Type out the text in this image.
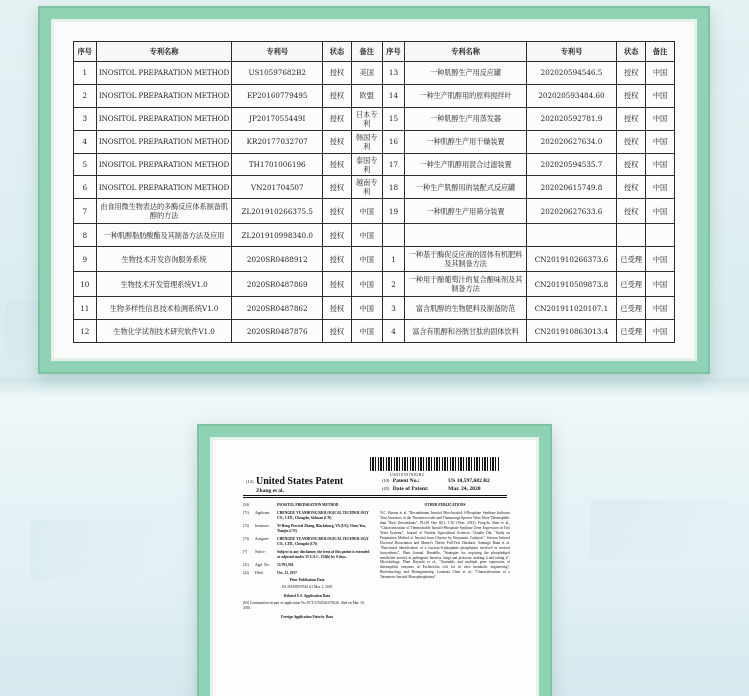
序号	专利名称	专利号	状态	备注	序号	专利名称	专利号	状态	备注
1	INOSITOL PREPARATION METHOD	US10597682B2	授权	美国	13	一种肌醇生产用反应罐	202020594546.5	授权	中国
2	INOSITOL PREPARATION METHOD	EP20160779495	授权	欧盟	14	一种生产肌醇用的原料搅拌叶	202020593484.60	授权	中国
3	INOSITOL PREPARATION METHOD	JP2017055449I	授权	日本专利	15	一种肌醇生产用蒸发器	202020592781.9	授权	中国
4	INOSITOL PREPARATION METHOD	KR20177032707	授权	韩国专利	16	一种肌醇生产用干燥装置	202020627634.0	授权	中国
5	INOSITOL PREPARATION METHOD	TH1701006196	授权	泰国专利	17	一种生产肌醇用混合过滤装置	202020594535.7	授权	中国
6	INOSITOL PREPARATION METHOD	VN201704507	授权	越南专利	18	一种生产肌醇用的装配式反应罐	202020615749.8	授权	中国
7	由食用微生物表达的多酶反应体系制备肌醇的方法	ZL201910266375.5	授权	中国	19	一种肌醇生产用筛分装置	202020627633.6	授权	中国
8	一种肌醇脂肪酸酯及其制备方法及应用	ZL201910998340.0	授权	中国					
9	生物技术开发咨询服务系统	2020SR0488912	授权	中国	1	一种基于酶促反应液的固体有机肥料及其制备方法	CN201910266373.6	已受理	中国
10	生物技术开发管理系统V1.0	2020SR0487869	授权	中国	2	一种用于酿葡萄汁的复合酿味剂及其制备方法	CN201910509873.8	已受理	中国
11	生物多样性信息技术检测系统V1.0	2020SR0487862	授权	中国	3	富含肌醇的生物肥料及制备防范	CN201911020107.1	已受理	中国
12	生物化学试剂技术研究软件V1.0	2020SR0487876	授权	中国	4	富含有肌醇和谷胱甘肽的固体饮料	CN201910863013.4	已受理	中国
US010597682B2
(12) United States Patent
Zhang et al.
(10) Patent No.:	US 10,597,682 B2
(45) Date of Patent:	Mar. 24, 2020
(54)	INOSITOL PREPARATION METHOD
(71)	Applicant:	CHENGDU YUANHONG BIOLOGICAL TECHNOLOGY CO., LTD., Chengdu, Sichuan (CN)
(72)	Inventors:	Yi-Heng Percival Zhang, Blacksburg, VA (US); Chun You, Tianjin (CN)
(73)	Assignee:	CHENGDU YUANHONG BIOLOGICAL TECHNOLOGY CO., LTD., Chengdu (CN)
(*)	Notice:	Subject to any disclaimer, the term of this patent is extended or adjusted under 35 U.S.C. 154(b) by 0 days.
(21)	Appl. No.:	15/783,594
(22)	Filed:	Oct. 13, 2017
Prior Publication Data
US 2018/0057044 A1 Mar. 1, 2018
Related U.S. Application Data
(63) Continuation-in-part of application No. PCT/CN2016/076526, filed on Mar. 16, 2016.
Foreign Application Priority Data
OTHER PUBLICATIONS
N.C. Burton et al. "Recombinant Inositol Myo-Inositol-1-Phosphate Synthase Indicates That Ancestors of the Thermococcales and Thermotoga Species Were More Thermophilic than Their Descendants", PLOS One 8(1): 1-10 (Year: 2013). Fung-Ju Shen et al., "Characterization of Thermostable Inositol-Phosphate Synthase Gene Expression in Two Yeast Systems", Journal of Nuclear Agricultural Sciences. Claudio Dai, "Study on Preparation Method of Inositol from Glucose by Enzymatic Catalysis", Science Infused Doctoral Dissertation and Master's Theses Full-Text Database. Santiago Rana et al. "Functional identification of a fructose-6-phosphate phosphatase involved in inositol biosynthesis", Plant Journal. Rondelle, "Strategies for acquiring the phospholipid metabolite inositol in pathogenic bacteria, fungi and protozoa: making it and taking it", Microbiology. Plant Hayashi et al., "Assembly and multiple gene expression of thermophilic enzymes in Escherichia coli for in vitro metabolic engineering", Biotechnology and Bioengineering. Lenarnia Chen et al., "Characterization of a Tetrameric Inositol Monophosphatase".
